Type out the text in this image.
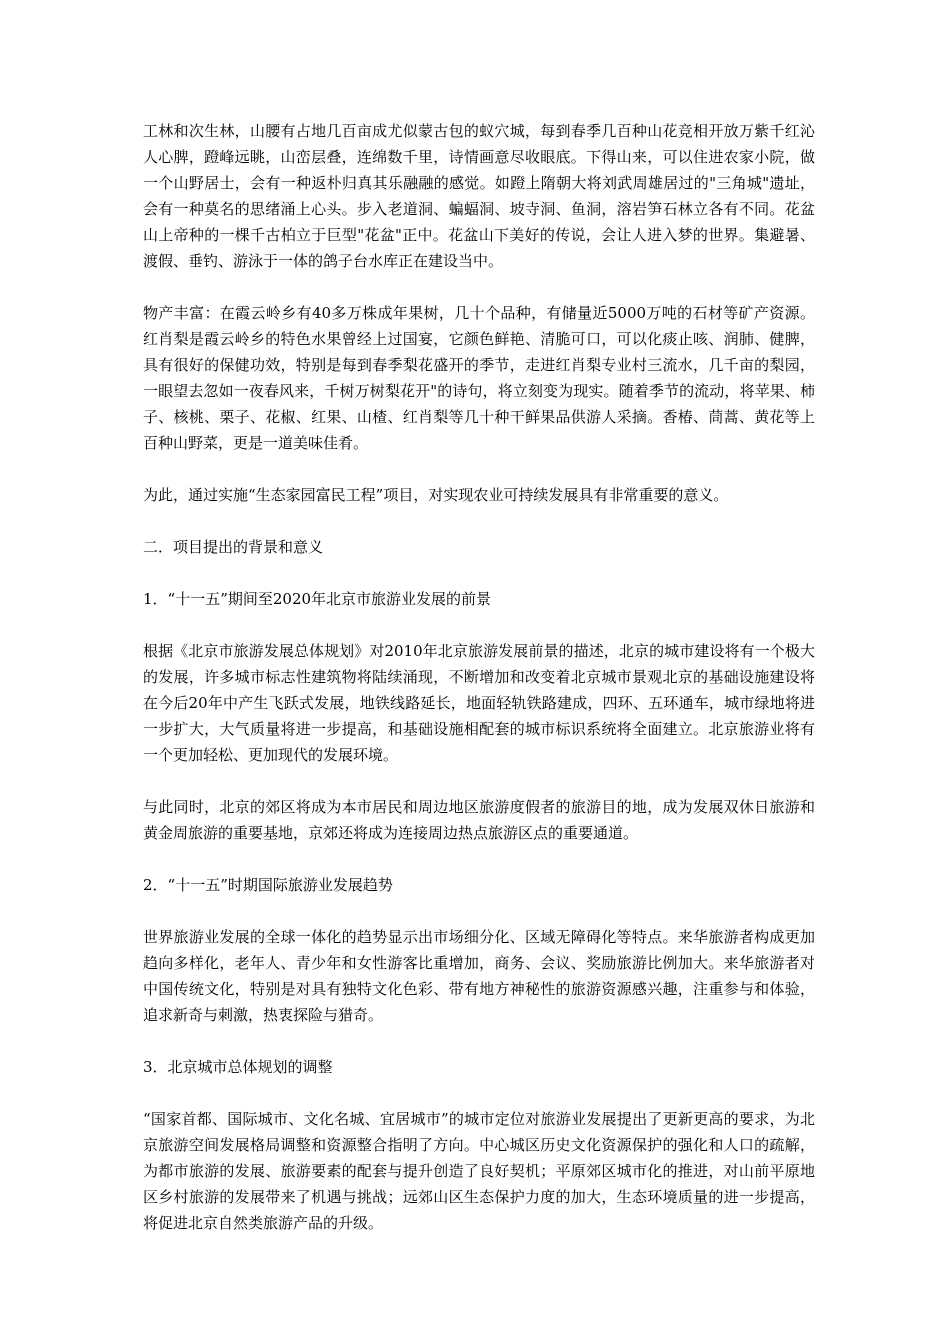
工林和次生林，山腰有占地几百亩成尤似蒙古包的蚁穴城，每到春季几百种山花竞相开放万紫千红沁人心脾，蹬峰远眺，山峦层叠，连绵数千里，诗情画意尽收眼底。下得山来，可以住进农家小院，做一个山野居士，会有一种返朴归真其乐融融的感觉。如蹬上隋朝大将刘武周雄居过的"三角城"遗址，会有一种莫名的思绪涌上心头。步入老道洞、蝙蝠洞、坡寺洞、鱼洞，溶岩笋石林立各有不同。花盆山上帝种的一棵千古柏立于巨型"花盆"正中。花盆山下美好的传说，会让人进入梦的世界。集避暑、渡假、垂钓、游泳于一体的鸽子台水库正在建设当中。

物产丰富：在霞云岭乡有40多万株成年果树，几十个品种，有储量近5000万吨的石材等矿产资源。红肖梨是霞云岭乡的特色水果曾经上过国宴，它颜色鲜艳、清脆可口，可以化痰止咳、润肺、健脾，具有很好的保健功效，特别是每到春季梨花盛开的季节，走进红肖梨专业村三流水，几千亩的梨园，一眼望去忽如一夜春风来，千树万树梨花开"的诗句，将立刻变为现实。随着季节的流动，将苹果、柿子、核桃、栗子、花椒、红果、山楂、红肖梨等几十种干鲜果品供游人采摘。香椿、茼蒿、黄花等上百种山野菜，更是一道美味佳肴。

为此，通过实施“生态家园富民工程”项目，对实现农业可持续发展具有非常重要的意义。

二．项目提出的背景和意义

1．“十一五”期间至2020年北京市旅游业发展的前景

根据《北京市旅游发展总体规划》对2010年北京旅游发展前景的描述，北京的城市建设将有一个极大的发展，许多城市标志性建筑物将陆续涌现，不断增加和改变着北京城市景观北京的基础设施建设将在今后20年中产生飞跃式发展，地铁线路延长，地面轻轨铁路建成，四环、五环通车，城市绿地将进一步扩大，大气质量将进一步提高，和基础设施相配套的城市标识系统将全面建立。北京旅游业将有一个更加轻松、更加现代的发展环境。

与此同时，北京的郊区将成为本市居民和周边地区旅游度假者的旅游目的地，成为发展双休日旅游和黄金周旅游的重要基地，京郊还将成为连接周边热点旅游区点的重要通道。

2．“十一五”时期国际旅游业发展趋势

世界旅游业发展的全球一体化的趋势显示出市场细分化、区域无障碍化等特点。来华旅游者构成更加趋向多样化，老年人、青少年和女性游客比重增加，商务、会议、奖励旅游比例加大。来华旅游者对中国传统文化，特别是对具有独特文化色彩、带有地方神秘性的旅游资源感兴趣，注重参与和体验，追求新奇与刺激，热衷探险与猎奇。

3．北京城市总体规划的调整

“国家首都、国际城市、文化名城、宜居城市”的城市定位对旅游业发展提出了更新更高的要求，为北京旅游空间发展格局调整和资源整合指明了方向。中心城区历史文化资源保护的强化和人口的疏解，为都市旅游的发展、旅游要素的配套与提升创造了良好契机；平原郊区城市化的推进，对山前平原地区乡村旅游的发展带来了机遇与挑战；远郊山区生态保护力度的加大，生态环境质量的进一步提高，将促进北京自然类旅游产品的升级。
